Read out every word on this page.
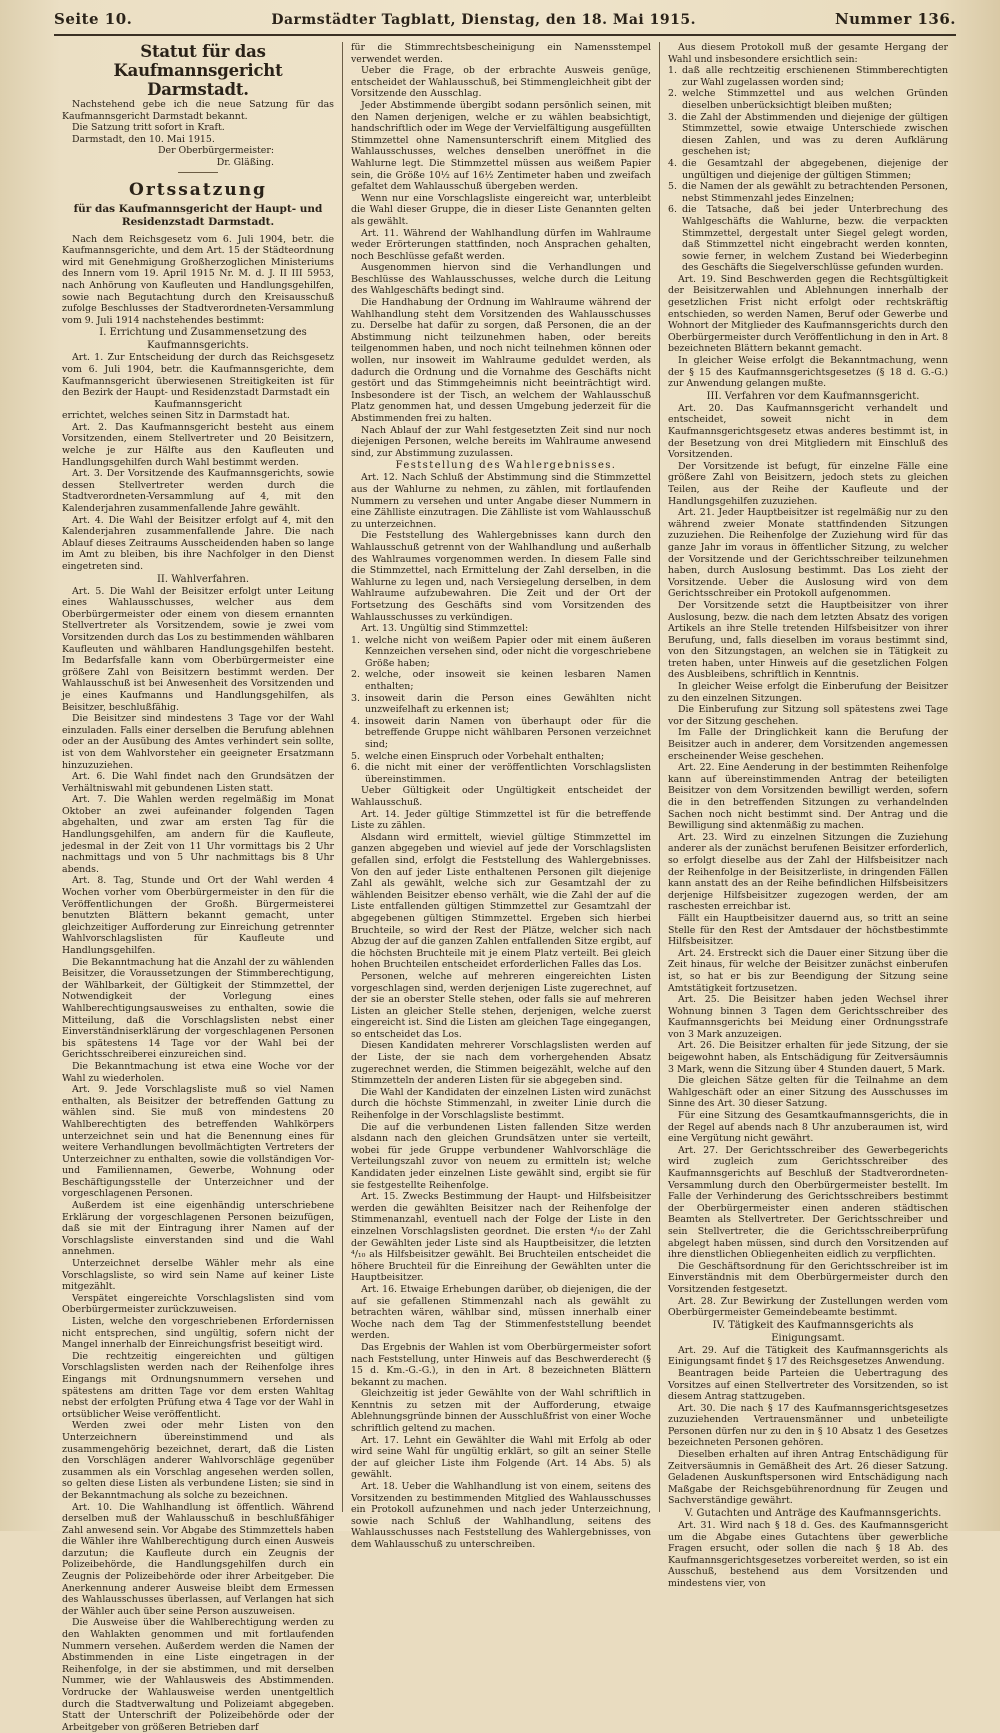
Seite 10.	Darmstädter Tagblatt, Dienstag, den 18. Mai 1915.	Nummer 136.

Statut für das Kaufmannsgericht Darmstadt.

Nachstehend gebe ich die neue Satzung für das Kaufmannsgericht Darmstadt bekannt.

Die Satzung tritt sofort in Kraft.

Darmstadt, den 10. Mai 1915.

Der Oberbürgermeister:

Dr. Gläßing.

Ortssatzung
für das Kaufmannsgericht der Haupt- und Residenzstadt Darmstadt.

Nach dem Reichsgesetz vom 6. Juli 1904, betr. die Kaufmannsgerichte, und dem Art. 15 der Städteordnung wird mit Genehmigung Großherzoglichen Ministeriums des Innern vom 19. April 1915 Nr. M. d. J. II III 5953, nach Anhörung von Kaufleuten und Handlungsgehilfen, sowie nach Begutachtung durch den Kreisausschuß zufolge Beschlusses der Stadtverordneten-Versammlung vom 9. Juli 1914 nachstehendes bestimmt:

I. Errichtung und Zusammensetzung des Kaufmannsgerichts.

Art. 1. Zur Entscheidung der durch das Reichsgesetz vom 6. Juli 1904, betr. die Kaufmannsgerichte, dem Kaufmannsgericht überwiesenen Streitigkeiten ist für den Bezirk der Haupt- und Residenzstadt Darmstadt ein

Kaufmannsgericht

errichtet, welches seinen Sitz in Darmstadt hat.

Art. 2. Das Kaufmannsgericht besteht aus einem Vorsitzenden, einem Stellvertreter und 20 Beisitzern, welche je zur Hälfte aus den Kaufleuten und Handlungsgehilfen durch Wahl bestimmt werden.

Art. 3. Der Vorsitzende des Kaufmannsgerichts, sowie dessen Stellvertreter werden durch die Stadtverordneten-Versammlung auf 4, mit den Kalenderjahren zusammenfallende Jahre gewählt.

Art. 4. Die Wahl der Beisitzer erfolgt auf 4, mit den Kalenderjahren zusammenfallende Jahre. Die nach Ablauf dieses Zeitraums Ausscheidenden haben so lange im Amt zu bleiben, bis ihre Nachfolger in den Dienst eingetreten sind.

II. Wahlverfahren.

Art. 5. Die Wahl der Beisitzer erfolgt unter Leitung eines Wahlausschusses, welcher aus dem Oberbürgermeister oder einem von diesem ernannten Stellvertreter als Vorsitzendem, sowie je zwei vom Vorsitzenden durch das Los zu bestimmenden wählbaren Kaufleuten und wählbaren Handlungsgehilfen besteht. Im Bedarfsfalle kann vom Oberbürgermeister eine größere Zahl von Beisitzern bestimmt werden. Der Wahlausschuß ist bei Anwesenheit des Vorsitzenden und je eines Kaufmanns und Handlungsgehilfen, als Beisitzer, beschlußfähig.

Die Beisitzer sind mindestens 3 Tage vor der Wahl einzuladen. Falls einer derselben die Berufung ablehnen oder an der Ausübung des Amtes verhindert sein sollte, ist von dem Wahlvorsteher ein geeigneter Ersatzmann hinzuzuziehen.

Art. 6. Die Wahl findet nach den Grundsätzen der Verhältniswahl mit gebundenen Listen statt.

Art. 7. Die Wahlen werden regelmäßig im Monat Oktober an zwei aufeinander folgenden Tagen abgehalten, und zwar am ersten Tag für die Handlungsgehilfen, am andern für die Kaufleute, jedesmal in der Zeit von 11 Uhr vormittags bis 2 Uhr nachmittags und von 5 Uhr nachmittags bis 8 Uhr abends.

Art. 8. Tag, Stunde und Ort der Wahl werden 4 Wochen vorher vom Oberbürgermeister in den für die Veröffentlichungen der Großh. Bürgermeisterei benutzten Blättern bekannt gemacht, unter gleichzeitiger Aufforderung zur Einreichung getrennter Wahlvorschlagslisten für Kaufleute und Handlungsgehilfen.

Die Bekanntmachung hat die Anzahl der zu wählenden Beisitzer, die Voraussetzungen der Stimmberechtigung, der Wählbarkeit, der Gültigkeit der Stimmzettel, der Notwendigkeit der Vorlegung eines Wahlberechtigungsausweises zu enthalten, sowie die Mitteilung, daß die Vorschlagslisten nebst einer Einverständniserklärung der vorgeschlagenen Personen bis spätestens 14 Tage vor der Wahl bei der Gerichtsschreiberei einzureichen sind.

Die Bekanntmachung ist etwa eine Woche vor der Wahl zu wiederholen.

Art. 9. Jede Vorschlagsliste muß so viel Namen enthalten, als Beisitzer der betreffenden Gattung zu wählen sind. Sie muß von mindestens 20 Wahlberechtigten des betreffenden Wahlkörpers unterzeichnet sein und hat die Benennung eines für weitere Verhandlungen bevollmächtigten Vertreters der Unterzeichner zu enthalten, sowie die vollständigen Vor- und Familiennamen, Gewerbe, Wohnung oder Beschäftigungsstelle der Unterzeichner und der vorgeschlagenen Personen.

Außerdem ist eine eigenhändig unterschriebene Erklärung der vorgeschlagenen Personen beizufügen, daß sie mit der Eintragung ihrer Namen auf der Vorschlagsliste einverstanden sind und die Wahl annehmen.

Unterzeichnet derselbe Wähler mehr als eine Vorschlagsliste, so wird sein Name auf keiner Liste mitgezählt.

Verspätet eingereichte Vorschlagslisten sind vom Oberbürgermeister zurückzuweisen.

Listen, welche den vorgeschriebenen Erfordernissen nicht entsprechen, sind ungültig, sofern nicht der Mangel innerhalb der Einreichungsfrist beseitigt wird.

Die rechtzeitig eingereichten und gültigen Vorschlagslisten werden nach der Reihenfolge ihres Eingangs mit Ordnungsnummern versehen und spätestens am dritten Tage vor dem ersten Wahltag nebst der erfolgten Prüfung etwa 4 Tage vor der Wahl in ortsüblicher Weise veröffentlicht.

Werden zwei oder mehr Listen von den Unterzeichnern übereinstimmend und als zusammengehörig bezeichnet, derart, daß die Listen den Vorschlägen anderer Wahlvorschläge gegenüber zusammen als ein Vorschlag angesehen werden sollen, so gelten diese Listen als verbundene Listen; sie sind in der Bekanntmachung als solche zu bezeichnen.

Art. 10. Die Wahlhandlung ist öffentlich. Während derselben muß der Wahlausschuß in beschlußfähiger Zahl anwesend sein. Vor Abgabe des Stimmzettels haben die Wähler ihre Wahlberechtigung durch einen Ausweis darzutun; die Kaufleute durch ein Zeugnis der Polizeibehörde, die Handlungsgehilfen durch ein Zeugnis der Polizeibehörde oder ihrer Arbeitgeber. Die Anerkennung anderer Ausweise bleibt dem Ermessen des Wahlausschusses überlassen, auf Verlangen hat sich der Wähler auch über seine Person auszuweisen.

Die Ausweise über die Wahlberechtigung werden zu den Wahlakten genommen und mit fortlaufenden Nummern versehen. Außerdem werden die Namen der Abstimmenden in eine Liste eingetragen in der Reihenfolge, in der sie abstimmen, und mit derselben Nummer, wie der Wahlausweis des Abstimmenden. Vordrucke der Wahlausweise werden unentgeltlich durch die Stadtverwaltung und Polizeiamt abgegeben. Statt der Unterschrift der Polizeibehörde oder der Arbeitgeber von größeren Betrieben darf

für die Stimmrechtsbescheinigung ein Namensstempel verwendet werden.

Ueber die Frage, ob der erbrachte Ausweis genüge, entscheidet der Wahlausschuß, bei Stimmengleichheit gibt der Vorsitzende den Ausschlag.

Jeder Abstimmende übergibt sodann persönlich seinen, mit den Namen derjenigen, welche er zu wählen beabsichtigt, handschriftlich oder im Wege der Vervielfältigung ausgefüllten Stimmzettel ohne Namensunterschrift einem Mitglied des Wahlausschusses, welches denselben uneröffnet in die Wahlurne legt. Die Stimmzettel müssen aus weißem Papier sein, die Größe 10½ auf 16½ Zentimeter haben und zweifach gefaltet dem Wahlausschuß übergeben werden.

Wenn nur eine Vorschlagsliste eingereicht war, unterbleibt die Wahl dieser Gruppe, die in dieser Liste Genannten gelten als gewählt.

Art. 11. Während der Wahlhandlung dürfen im Wahlraume weder Erörterungen stattfinden, noch Ansprachen gehalten, noch Beschlüsse gefaßt werden.

Ausgenommen hiervon sind die Verhandlungen und Beschlüsse des Wahlausschusses, welche durch die Leitung des Wahlgeschäfts bedingt sind.

Die Handhabung der Ordnung im Wahlraume während der Wahlhandlung steht dem Vorsitzenden des Wahlausschusses zu. Derselbe hat dafür zu sorgen, daß Personen, die an der Abstimmung nicht teilzunehmen haben, oder bereits teilgenommen haben, und noch nicht teilnehmen können oder wollen, nur insoweit im Wahlraume geduldet werden, als dadurch die Ordnung und die Vornahme des Geschäfts nicht gestört und das Stimmgeheimnis nicht beeinträchtigt wird. Insbesondere ist der Tisch, an welchem der Wahlausschuß Platz genommen hat, und dessen Umgebung jederzeit für die Abstimmenden frei zu halten.

Nach Ablauf der zur Wahl festgesetzten Zeit sind nur noch diejenigen Personen, welche bereits im Wahlraume anwesend sind, zur Abstimmung zuzulassen.

Feststellung des Wahlergebnisses.

Art. 12. Nach Schluß der Abstimmung sind die Stimmzettel aus der Wahlurne zu nehmen, zu zählen, mit fortlaufenden Nummern zu versehen und unter Angabe dieser Nummern in eine Zählliste einzutragen. Die Zählliste ist vom Wahlausschuß zu unterzeichnen.

Die Feststellung des Wahlergebnisses kann durch den Wahlausschuß getrennt von der Wahlhandlung und außerhalb des Wahlraumes vorgenommen werden. In diesem Falle sind die Stimmzettel, nach Ermittelung der Zahl derselben, in die Wahlurne zu legen und, nach Versiegelung derselben, in dem Wahlraume aufzubewahren. Die Zeit und der Ort der Fortsetzung des Geschäfts sind vom Vorsitzenden des Wahlausschusses zu verkündigen.

Art. 13. Ungültig sind Stimmzettel:

1. welche nicht von weißem Papier oder mit einem äußeren Kennzeichen versehen sind, oder nicht die vorgeschriebene Größe haben;

2. welche, oder insoweit sie keinen lesbaren Namen enthalten;

3. insoweit darin die Person eines Gewählten nicht unzweifelhaft zu erkennen ist;

4. insoweit darin Namen von überhaupt oder für die betreffende Gruppe nicht wählbaren Personen verzeichnet sind;

5. welche einen Einspruch oder Vorbehalt enthalten;

6. die nicht mit einer der veröffentlichten Vorschlagslisten übereinstimmen.

Ueber Gültigkeit oder Ungültigkeit entscheidet der Wahlausschuß.

Art. 14. Jeder gültige Stimmzettel ist für die betreffende Liste zu zählen.

Alsdann wird ermittelt, wieviel gültige Stimmzettel im ganzen abgegeben und wieviel auf jede der Vorschlagslisten gefallen sind, erfolgt die Feststellung des Wahlergebnisses. Von den auf jeder Liste enthaltenen Personen gilt diejenige Zahl als gewählt, welche sich zur Gesamtzahl der zu wählenden Beisitzer ebenso verhält, wie die Zahl der auf die Liste entfallenden gültigen Stimmzettel zur Gesamtzahl der abgegebenen gültigen Stimmzettel. Ergeben sich hierbei Bruchteile, so wird der Rest der Plätze, welcher sich nach Abzug der auf die ganzen Zahlen entfallenden Sitze ergibt, auf die höchsten Bruchteile mit je einem Platz verteilt. Bei gleich hohen Bruchteilen entscheidet erforderlichen Falles das Los.

Personen, welche auf mehreren eingereichten Listen vorgeschlagen sind, werden derjenigen Liste zugerechnet, auf der sie an oberster Stelle stehen, oder falls sie auf mehreren Listen an gleicher Stelle stehen, derjenigen, welche zuerst eingereicht ist. Sind die Listen am gleichen Tage eingegangen, so entscheidet das Los.

Diesen Kandidaten mehrerer Vorschlagslisten werden auf der Liste, der sie nach dem vorhergehenden Absatz zugerechnet werden, die Stimmen beigezählt, welche auf den Stimmzetteln der anderen Listen für sie abgegeben sind.

Die Wahl der Kandidaten der einzelnen Listen wird zunächst durch die höchste Stimmenzahl, in zweiter Linie durch die Reihenfolge in der Vorschlagsliste bestimmt.

Die auf die verbundenen Listen fallenden Sitze werden alsdann nach den gleichen Grundsätzen unter sie verteilt, wobei für jede Gruppe verbundener Wahlvorschläge die Verteilungszahl zuvor von neuem zu ermitteln ist; welche Kandidaten jeder einzelnen Liste gewählt sind, ergibt sie für sie festgestellte Reihenfolge.

Art. 15. Zwecks Bestimmung der Haupt- und Hilfsbeisitzer werden die gewählten Beisitzer nach der Reihenfolge der Stimmenanzahl, eventuell nach der Folge der Liste in den einzelnen Vorschlagslisten geordnet. Die ersten ⁴/₁₀ der Zahl der Gewählten jeder Liste sind als Hauptbeisitzer, die letzten ⁴/₁₀ als Hilfsbeisitzer gewählt. Bei Bruchteilen entscheidet die höhere Bruchteil für die Einreihung der Gewählten unter die Hauptbeisitzer.

Art. 16. Etwaige Erhebungen darüber, ob diejenigen, die der auf sie gefallenen Stimmenzahl nach als gewählt zu betrachten wären, wählbar sind, müssen innerhalb einer Woche nach dem Tag der Stimmenfeststellung beendet werden.

Das Ergebnis der Wahlen ist vom Oberbürgermeister sofort nach Feststellung, unter Hinweis auf das Beschwerderecht (§ 15 d. Km.-G.-G.), in den in Art. 8 bezeichneten Blättern bekannt zu machen.

Gleichzeitig ist jeder Gewählte von der Wahl schriftlich in Kenntnis zu setzen mit der Aufforderung, etwaige Ablehnungsgründe binnen der Ausschlußfrist von einer Woche schriftlich geltend zu machen.

Art. 17. Lehnt ein Gewählter die Wahl mit Erfolg ab oder wird seine Wahl für ungültig erklärt, so gilt an seiner Stelle der auf gleicher Liste ihm Folgende (Art. 14 Abs. 5) als gewählt.

Art. 18. Ueber die Wahlhandlung ist von einem, seitens des Vorsitzenden zu bestimmenden Mitglied des Wahlausschusses ein Protokoll aufzunehmen und nach jeder Unterzeichnung, sowie nach Schluß der Wahlhandlung, seitens des Wahlausschusses nach Feststellung des Wahlergebnisses, von dem Wahlausschuß zu unterschreiben.

Aus diesem Protokoll muß der gesamte Hergang der Wahl und insbesondere ersichtlich sein:

1. daß alle rechtzeitig erschienenen Stimmberechtigten zur Wahl zugelassen worden sind;

2. welche Stimmzettel und aus welchen Gründen dieselben unberücksichtigt bleiben mußten;

3. die Zahl der Abstimmenden und diejenige der gültigen Stimmzettel, sowie etwaige Unterschiede zwischen diesen Zahlen, und was zu deren Aufklärung geschehen ist;

4. die Gesamtzahl der abgegebenen, diejenige der ungültigen und diejenige der gültigen Stimmen;

5. die Namen der als gewählt zu betrachtenden Personen, nebst Stimmenzahl jedes Einzelnen;

6. die Tatsache, daß bei jeder Unterbrechung des Wahlgeschäfts die Wahlurne, bezw. die verpackten Stimmzettel, dergestalt unter Siegel gelegt worden, daß Stimmzettel nicht eingebracht werden konnten, sowie ferner, in welchem Zustand bei Wiederbeginn des Geschäfts die Siegelverschlüsse gefunden wurden.

Art. 19. Sind Beschwerden gegen die Rechtsgültigkeit der Beisitzerwahlen und Ablehnungen innerhalb der gesetzlichen Frist nicht erfolgt oder rechtskräftig entschieden, so werden Namen, Beruf oder Gewerbe und Wohnort der Mitglieder des Kaufmannsgerichts durch den Oberbürgermeister durch Veröffentlichung in den in Art. 8 bezeichneten Blättern bekannt gemacht.

In gleicher Weise erfolgt die Bekanntmachung, wenn der § 15 des Kaufmannsgerichtsgesetzes (§ 18 d. G.-G.) zur Anwendung gelangen mußte.

III. Verfahren vor dem Kaufmannsgericht.

Art. 20. Das Kaufmannsgericht verhandelt und entscheidet, soweit nicht in dem Kaufmannsgerichtsgesetz etwas anderes bestimmt ist, in der Besetzung von drei Mitgliedern mit Einschluß des Vorsitzenden.

Der Vorsitzende ist befugt, für einzelne Fälle eine größere Zahl von Beisitzern, jedoch stets zu gleichen Teilen, aus der Reihe der Kaufleute und der Handlungsgehilfen zuzuziehen.

Art. 21. Jeder Hauptbeisitzer ist regelmäßig nur zu den während zweier Monate stattfindenden Sitzungen zuzuziehen. Die Reihenfolge der Zuziehung wird für das ganze Jahr im voraus in öffentlicher Sitzung, zu welcher der Vorsitzende und der Gerichtsschreiber teilzunehmen haben, durch Auslosung bestimmt. Das Los zieht der Vorsitzende. Ueber die Auslosung wird von dem Gerichtsschreiber ein Protokoll aufgenommen.

Der Vorsitzende setzt die Hauptbeisitzer von ihrer Auslosung, bezw. die nach dem letzten Absatz des vorigen Artikels an ihre Stelle tretenden Hilfsbeisitzer von ihrer Berufung, und, falls dieselben im voraus bestimmt sind, von den Sitzungstagen, an welchen sie in Tätigkeit zu treten haben, unter Hinweis auf die gesetzlichen Folgen des Ausbleibens, schriftlich in Kenntnis.

In gleicher Weise erfolgt die Einberufung der Beisitzer zu den einzelnen Sitzungen.

Die Einberufung zur Sitzung soll spätestens zwei Tage vor der Sitzung geschehen.

Im Falle der Dringlichkeit kann die Berufung der Beisitzer auch in anderer, dem Vorsitzenden angemessen erscheinender Weise geschehen.

Art. 22. Eine Aenderung in der bestimmten Reihenfolge kann auf übereinstimmenden Antrag der beteiligten Beisitzer von dem Vorsitzenden bewilligt werden, sofern die in den betreffenden Sitzungen zu verhandelnden Sachen noch nicht bestimmt sind. Der Antrag und die Bewilligung sind aktenmäßig zu machen.

Art. 23. Wird zu einzelnen Sitzungen die Zuziehung anderer als der zunächst berufenen Beisitzer erforderlich, so erfolgt dieselbe aus der Zahl der Hilfsbeisitzer nach der Reihenfolge in der Beisitzerliste, in dringenden Fällen kann anstatt des an der Reihe befindlichen Hilfsbeisitzers derjenige Hilfsbeisitzer zugezogen werden, der am raschesten erreichbar ist.

Fällt ein Hauptbeisitzer dauernd aus, so tritt an seine Stelle für den Rest der Amtsdauer der höchstbestimmte Hilfsbeisitzer.

Art. 24. Erstreckt sich die Dauer einer Sitzung über die Zeit hinaus, für welche der Beisitzer zunächst einberufen ist, so hat er bis zur Beendigung der Sitzung seine Amtstätigkeit fortzusetzen.

Art. 25. Die Beisitzer haben jeden Wechsel ihrer Wohnung binnen 3 Tagen dem Gerichtsschreiber des Kaufmannsgerichts bei Meidung einer Ordnungsstrafe von 3 Mark anzuzeigen.

Art. 26. Die Beisitzer erhalten für jede Sitzung, der sie beigewohnt haben, als Entschädigung für Zeitversäumnis 3 Mark, wenn die Sitzung über 4 Stunden dauert, 5 Mark.

Die gleichen Sätze gelten für die Teilnahme an dem Wahlgeschäft oder an einer Sitzung des Ausschusses im Sinne des Art. 30 dieser Satzung.

Für eine Sitzung des Gesamtkaufmannsgerichts, die in der Regel auf abends nach 8 Uhr anzuberaumen ist, wird eine Vergütung nicht gewährt.

Art. 27. Der Gerichtsschreiber des Gewerbegerichts wird zugleich zum Gerichtsschreiber des Kaufmannsgerichts auf Beschluß der Stadtverordneten-Versammlung durch den Oberbürgermeister bestellt. Im Falle der Verhinderung des Gerichtsschreibers bestimmt der Oberbürgermeister einen anderen städtischen Beamten als Stellvertreter. Der Gerichtsschreiber und sein Stellvertreter, die die Gerichtsschreiberprüfung abgelegt haben müssen, sind durch den Vorsitzenden auf ihre dienstlichen Obliegenheiten eidlich zu verpflichten.

Die Geschäftsordnung für den Gerichtsschreiber ist im Einverständnis mit dem Oberbürgermeister durch den Vorsitzenden festgesetzt.

Art. 28. Zur Bewirkung der Zustellungen werden vom Oberbürgermeister Gemeindebeamte bestimmt.

IV. Tätigkeit des Kaufmannsgerichts als Einigungsamt.

Art. 29. Auf die Tätigkeit des Kaufmannsgerichts als Einigungsamt findet § 17 des Reichsgesetzes Anwendung.

Beantragen beide Parteien die Uebertragung des Vorsitzes auf einen Stellvertreter des Vorsitzenden, so ist diesem Antrag stattzugeben.

Art. 30. Die nach § 17 des Kaufmannsgerichtsgesetzes zuzuziehenden Vertrauensmänner und unbeteiligte Personen dürfen nur zu den in § 10 Absatz 1 des Gesetzes bezeichneten Personen gehören.

Dieselben erhalten auf ihren Antrag Entschädigung für Zeitversäumnis in Gemäßheit des Art. 26 dieser Satzung. Geladenen Auskunftspersonen wird Entschädigung nach Maßgabe der Reichsgebührenordnung für Zeugen und Sachverständige gewährt.

V. Gutachten und Anträge des Kaufmannsgerichts.

Art. 31. Wird nach § 18 d. Ges. des Kaufmannsgericht um die Abgabe eines Gutachtens über gewerbliche Fragen ersucht, oder sollen die nach § 18 Ab. des Kaufmannsgerichtsgesetzes vorbereitet werden, so ist ein Ausschuß, bestehend aus dem Vorsitzenden und mindestens vier, von
